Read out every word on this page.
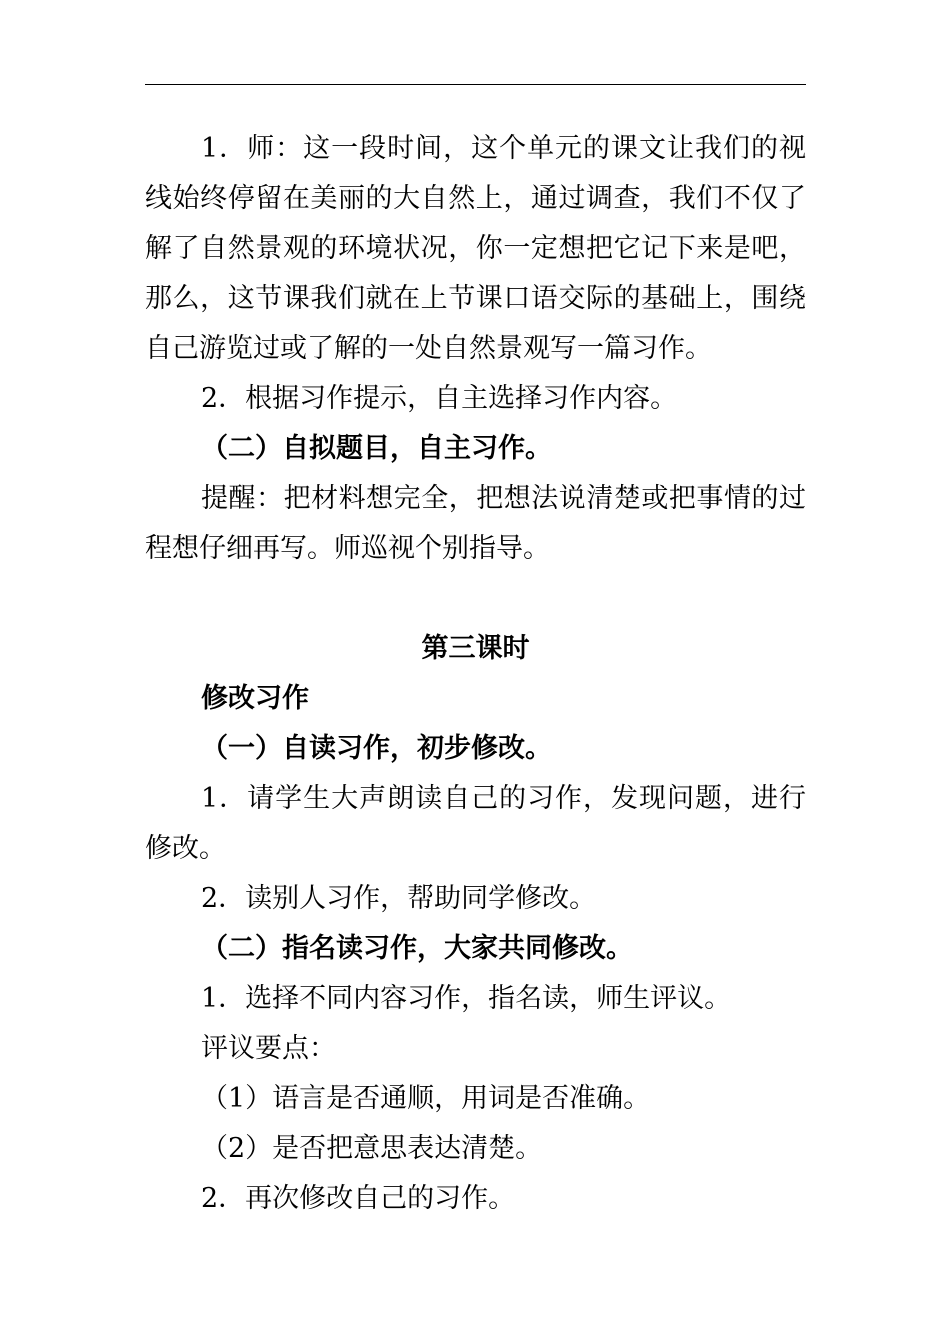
1．师：这一段时间，这个单元的课文让我们的视线始终停留在美丽的大自然上，通过调查，我们不仅了解了自然景观的环境状况，你一定想把它记下来是吧，那么，这节课我们就在上节课口语交际的基础上，围绕自己游览过或了解的一处自然景观写一篇习作。

2．根据习作提示，自主选择习作内容。

（二）自拟题目，自主习作。

提醒：把材料想完全，把想法说清楚或把事情的过程想仔细再写。师巡视个别指导。

第三课时

修改习作

（一）自读习作，初步修改。

1．请学生大声朗读自己的习作，发现问题，进行修改。

2．读别人习作，帮助同学修改。

（二）指名读习作，大家共同修改。

1．选择不同内容习作，指名读，师生评议。

评议要点：

（1）语言是否通顺，用词是否准确。

（2）是否把意思表达清楚。

2．再次修改自己的习作。
